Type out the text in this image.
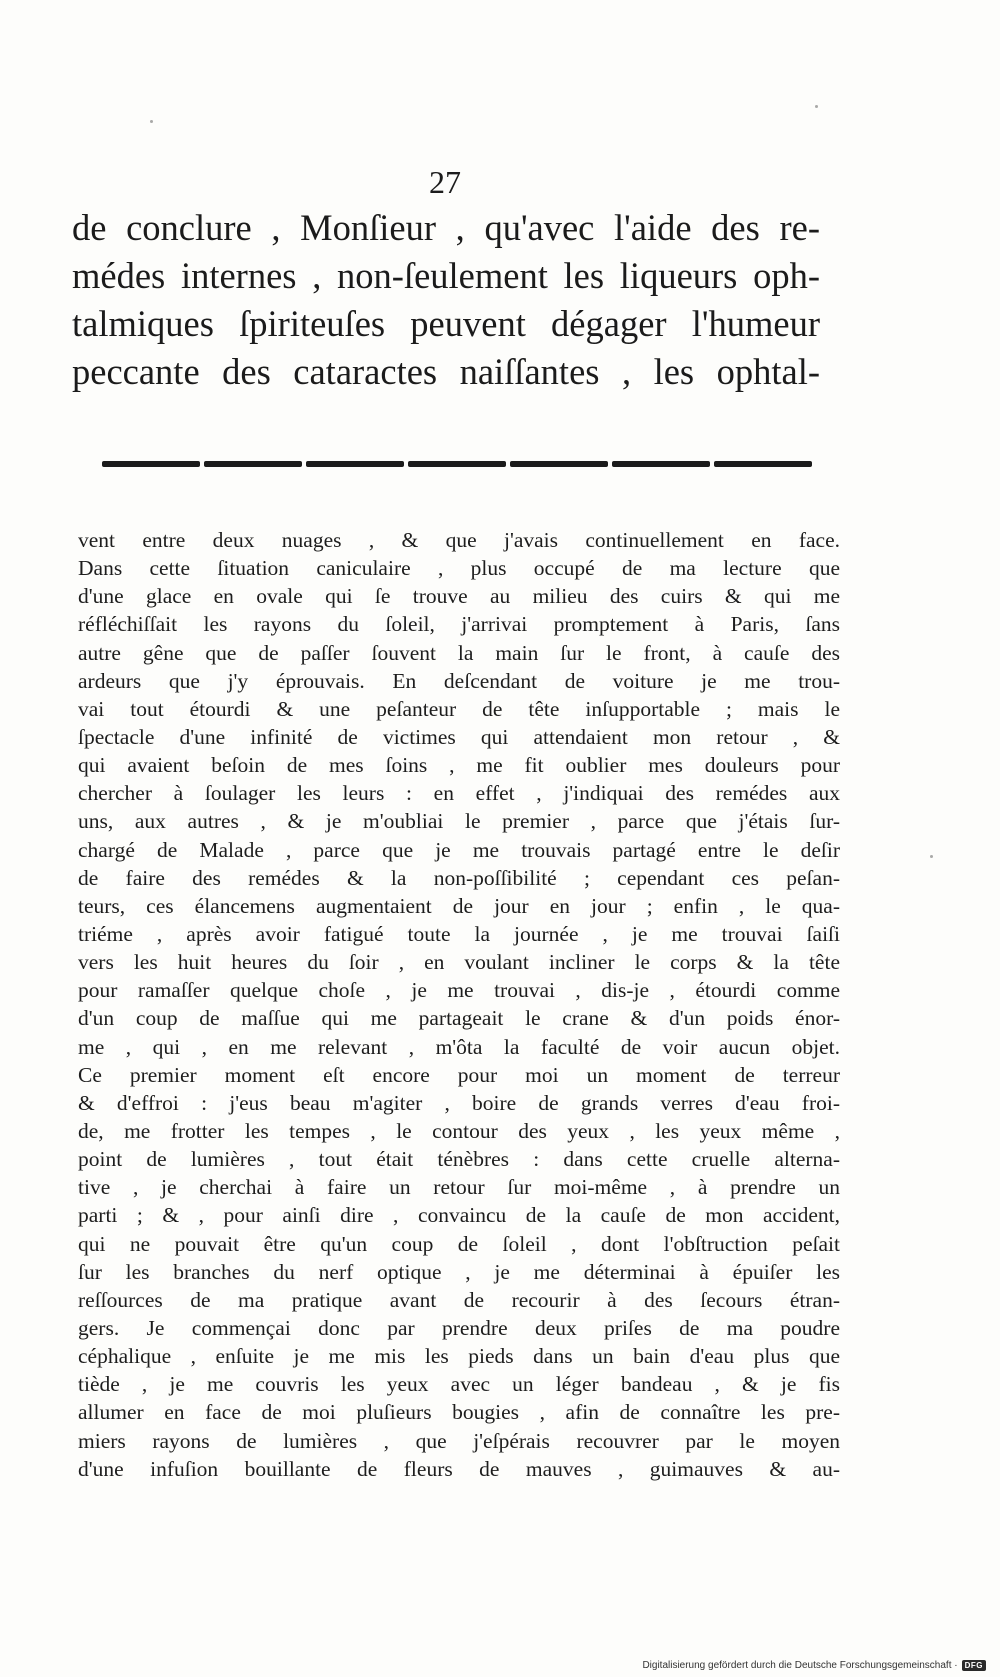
27
de conclure , Monſieur , qu'avec l'aide des re-
médes internes , non-ſeulement les liqueurs oph-
talmiques ſpiriteuſes peuvent dégager l'humeur
peccante des cataractes naiſſantes , les ophtal-
vent entre deux nuages , & que j'avais continuellement en face.
Dans cette ſituation caniculaire , plus occupé de ma lecture que
d'une glace en ovale qui ſe trouve au milieu des cuirs & qui me
réfléchiſſait les rayons du ſoleil, j'arrivai promptement à Paris, ſans
autre gêne que de paſſer ſouvent la main ſur le front, à cauſe des
ardeurs que j'y éprouvais. En deſcendant de voiture je me trou-
vai tout étourdi & une peſanteur de tête inſupportable ; mais le
ſpectacle d'une infinité de victimes qui attendaient mon retour , &
qui avaient beſoin de mes ſoins , me fit oublier mes douleurs pour
chercher à ſoulager les leurs : en effet , j'indiquai des remédes aux
uns, aux autres , & je m'oubliai le premier , parce que j'étais ſur-
chargé de Malade , parce que je me trouvais partagé entre le deſir
de faire des remédes & la non-poſſibilité ; cependant ces peſan-
teurs, ces élancemens augmentaient de jour en jour ; enfin , le qua-
triéme , après avoir fatigué toute la journée , je me trouvai ſaiſi
vers les huit heures du ſoir , en voulant incliner le corps & la tête
pour ramaſſer quelque choſe , je me trouvai , dis-je , étourdi comme
d'un coup de maſſue qui me partageait le crane & d'un poids énor-
me , qui , en me relevant , m'ôta la faculté de voir aucun objet.
Ce premier moment eſt encore pour moi un moment de terreur
& d'effroi : j'eus beau m'agiter , boire de grands verres d'eau froi-
de, me frotter les tempes , le contour des yeux , les yeux même ,
point de lumières , tout était ténèbres : dans cette cruelle alterna-
tive , je cherchai à faire un retour ſur moi-même , à prendre un
parti ; & , pour ainſi dire , convaincu de la cauſe de mon accident,
qui ne pouvait être qu'un coup de ſoleil , dont l'obſtruction peſait
ſur les branches du nerf optique , je me déterminai à épuiſer les
reſſources de ma pratique avant de recourir à des ſecours étran-
gers. Je commençai donc par prendre deux priſes de ma poudre
céphalique , enſuite je me mis les pieds dans un bain d'eau plus que
tiède , je me couvris les yeux avec un léger bandeau , & je fis
allumer en face de moi pluſieurs bougies , afin de connaître les pre-
miers rayons de lumières , que j'eſpérais recouvrer par le moyen
d'une infuſion bouillante de fleurs de mauves , guimauves & au-
Digitalisierung gefördert durch die Deutsche Forschungsgemeinschaft · DFG
